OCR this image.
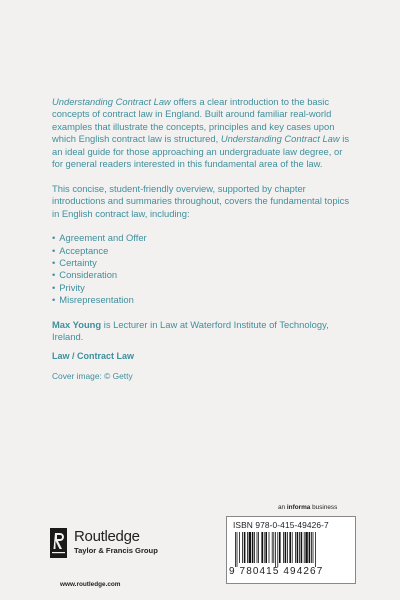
Understanding Contract Law offers a clear introduction to the basic concepts of contract law in England. Built around familiar real-world examples that illustrate the concepts, principles and key cases upon which English contract law is structured, Understanding Contract Law is an ideal guide for those approaching an undergraduate law degree, or for general readers interested in this fundamental area of the law.

This concise, student-friendly overview, supported by chapter introductions and summaries throughout, covers the fundamental topics in English contract law, including:

• Agreement and Offer
• Acceptance
• Certainty
• Consideration
• Privity
• Misrepresentation

Max Young is Lecturer in Law at Waterford Institute of Technology, Ireland.

Law / Contract Law
Cover image: © Getty
an informa business
Routledge
Taylor & Francis Group
www.routledge.com
ISBN 978-0-415-49426-7
9 780415 494267
